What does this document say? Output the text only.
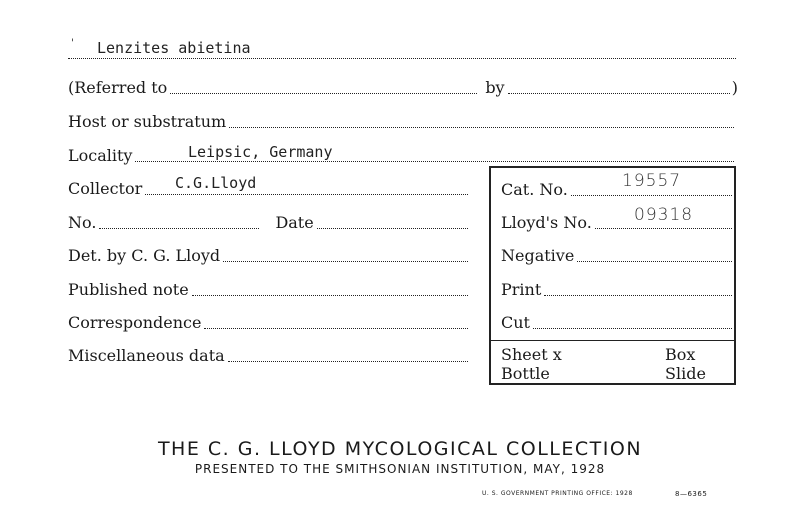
Lenzites abietina
'
(Referred to	by	)
Host or substratum
Locality	Leipsic, Germany
Collector C.G.Lloyd
No.	Date
Det. by C. G. Lloyd
Published note
Correspondence
Miscellaneous data
Cat. No.	19557
Lloyd's No. 09318
Negative
Print
Cut
Sheet x	Box
Bottle	Slide
THE C. G. LLOYD MYCOLOGICAL COLLECTION
PRESENTED TO THE SMITHSONIAN INSTITUTION, MAY, 1928
U. S. GOVERNMENT PRINTING OFFICE: 1928	8—6365
